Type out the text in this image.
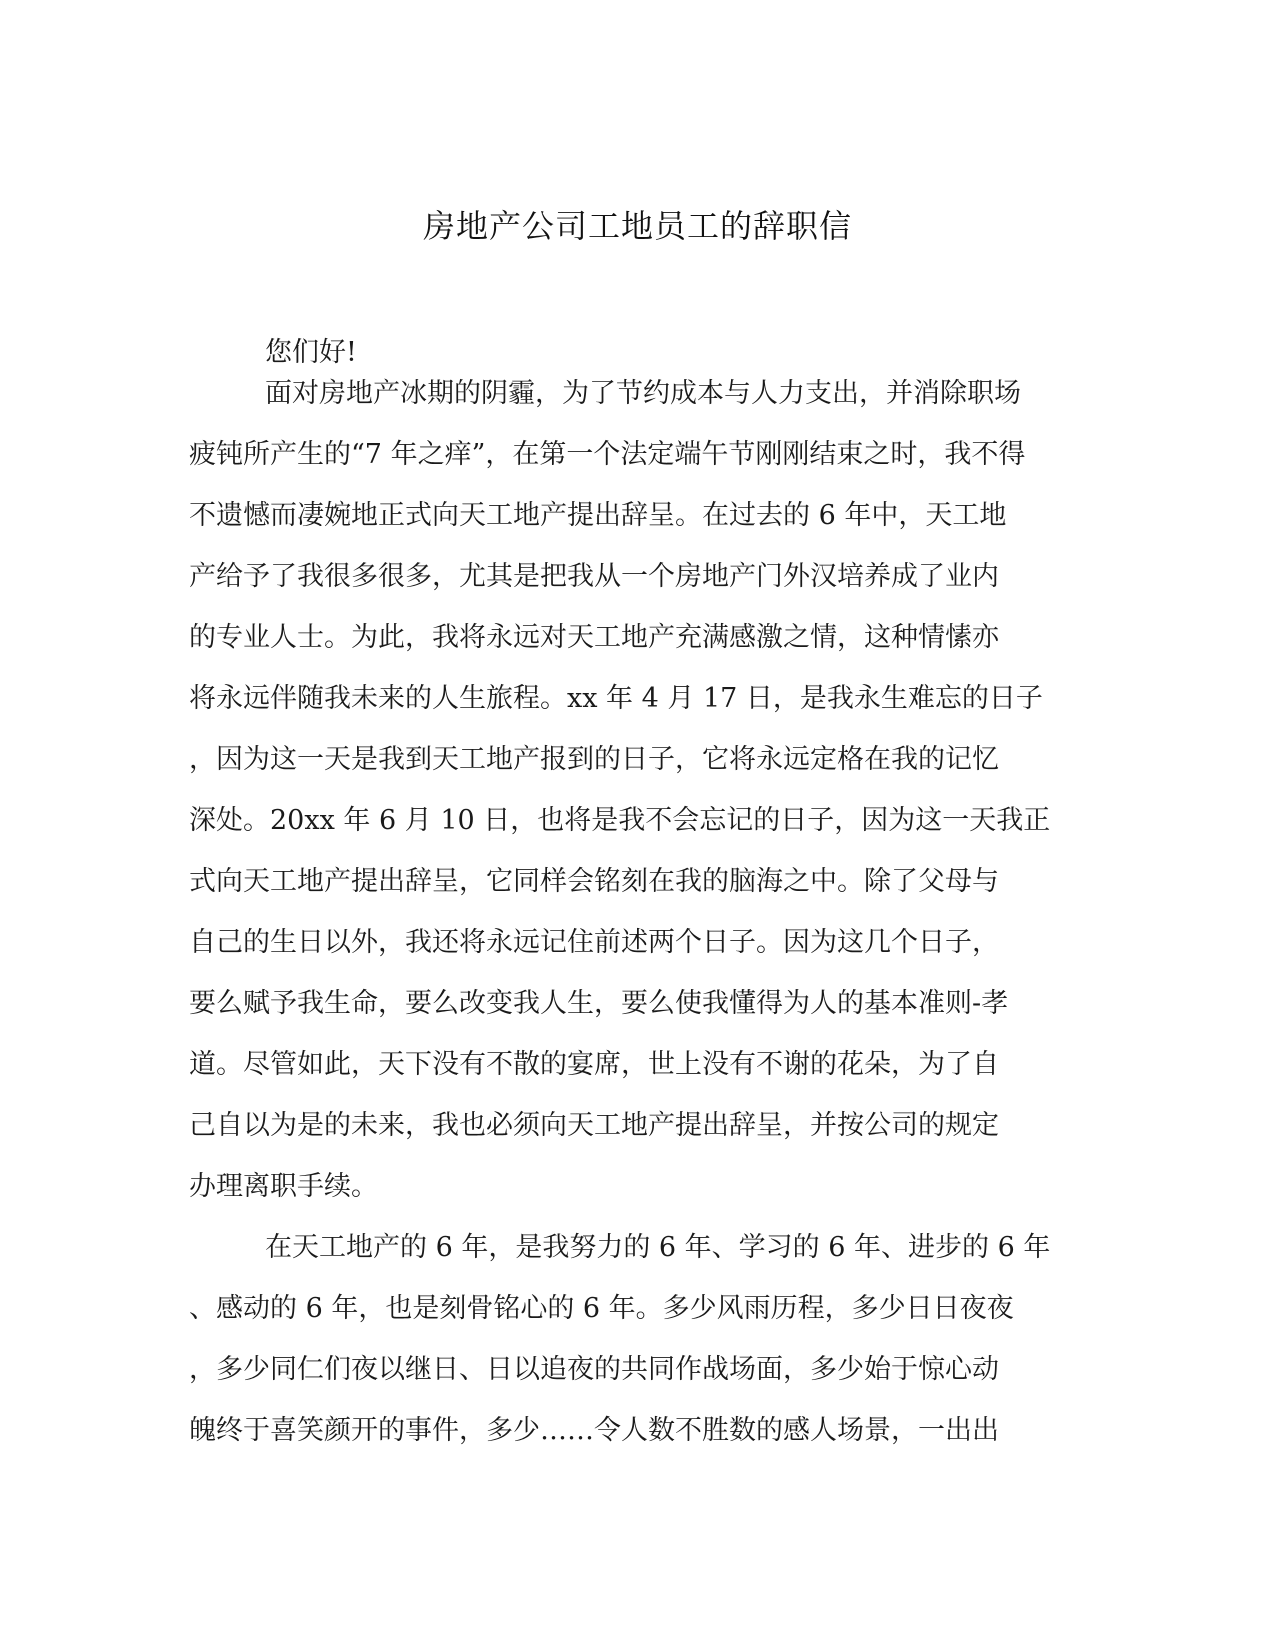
房地产公司工地员工的辞职信
您们好!
面对房地产冰期的阴霾，为了节约成本与人力支出，并消除职场
疲钝所产生的“7 年之痒”，在第一个法定端午节刚刚结束之时，我不得
不遗憾而凄婉地正式向天工地产提出辞呈。在过去的 6 年中，天工地
产给予了我很多很多，尤其是把我从一个房地产门外汉培养成了业内
的专业人士。为此，我将永远对天工地产充满感激之情，这种情愫亦
将永远伴随我未来的人生旅程。xx 年 4 月 17 日，是我永生难忘的日子
，因为这一天是我到天工地产报到的日子，它将永远定格在我的记忆
深处。20xx 年 6 月 10 日，也将是我不会忘记的日子，因为这一天我正
式向天工地产提出辞呈，它同样会铭刻在我的脑海之中。除了父母与
自己的生日以外，我还将永远记住前述两个日子。因为这几个日子，
要么赋予我生命，要么改变我人生，要么使我懂得为人的基本准则-孝
道。尽管如此，天下没有不散的宴席，世上没有不谢的花朵，为了自
己自以为是的未来，我也必须向天工地产提出辞呈，并按公司的规定
办理离职手续。
在天工地产的 6 年，是我努力的 6 年、学习的 6 年、进步的 6 年
、感动的 6 年，也是刻骨铭心的 6 年。多少风雨历程，多少日日夜夜
，多少同仁们夜以继日、日以追夜的共同作战场面，多少始于惊心动
魄终于喜笑颜开的事件，多少……令人数不胜数的感人场景，一出出
